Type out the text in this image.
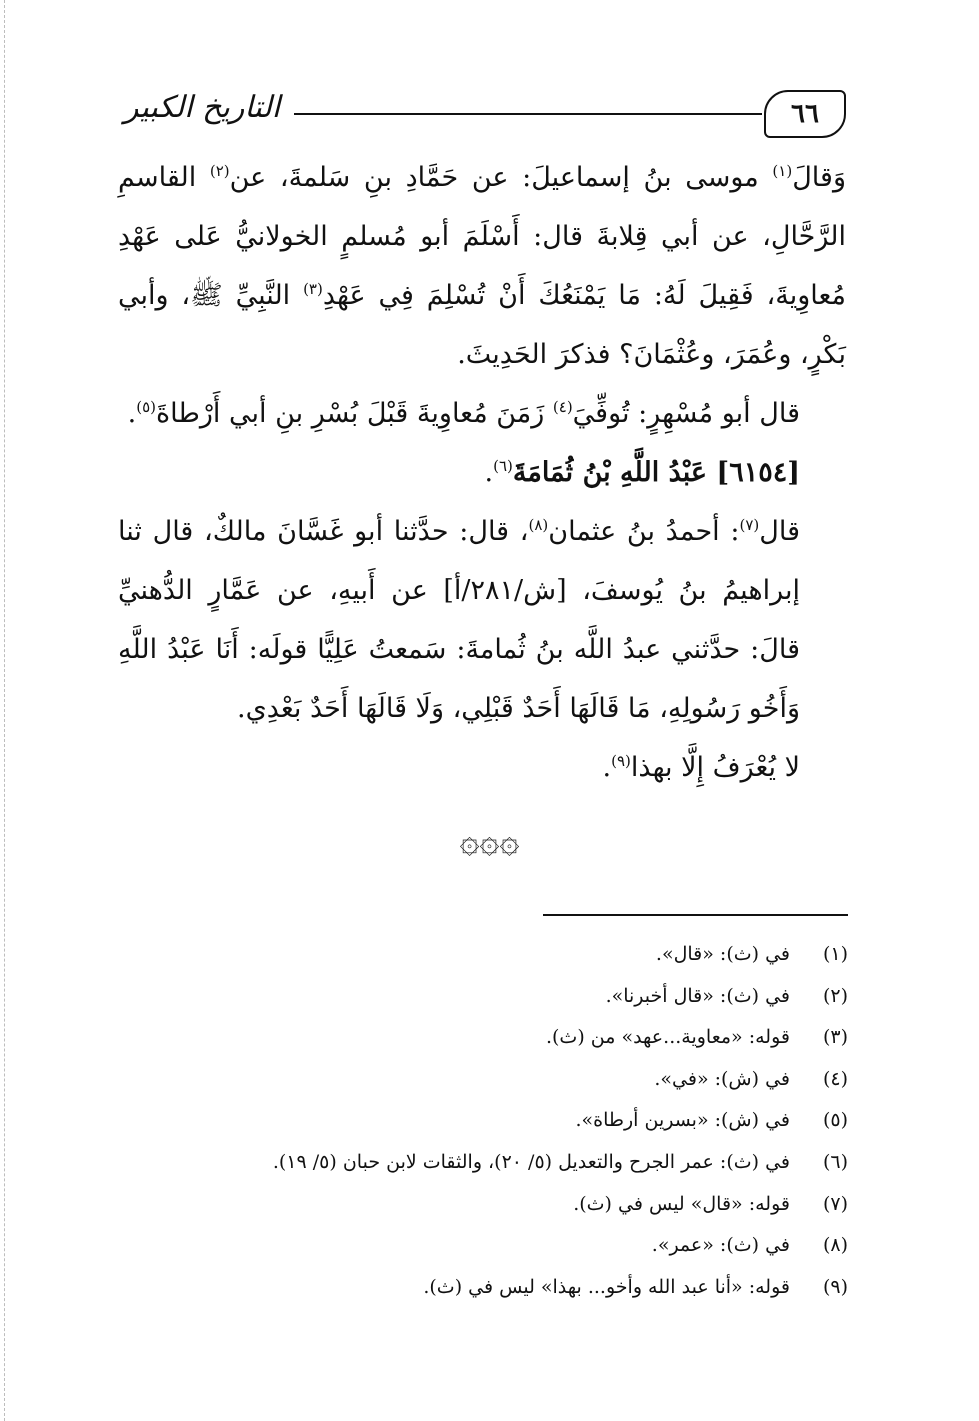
٦٦
التاريخ الكبير

وَقالَ$^{(١)}$ موسى بنُ إسماعيلَ: عن حَمَّادِ بنِ سَلمةَ، عن$^{(٢)}$ القاسمِ الرَّحَّالِ، عن أبي قِلابةَ قال: أَسْلَمَ أبو مُسلمٍ الخولانيُّ عَلى عَهْدِ مُعاوِيةَ، فَقِيلَ لَهُ: مَا يَمْنَعُكَ أَنْ تُسْلِمَ فِي عَهْدِ$^{(٣)}$ النَّبِيِّ ﷺ، وأبي بَكْرٍ، وعُمَرَ، وعُثْمَانَ؟ فذكرَ الحَدِيثَ.

قال أبو مُسْهِرٍ: تُوفِّيَ$^{(٤)}$ زَمَنَ مُعاوِيةَ قَبْلَ بُسْرِ بنِ أبي أَرْطاةَ$^{(٥)}$.

[٦١٥٤] عَبْدُ اللَّهِ بْنُ ثُمَامَةَ$^{(٦)}$.

قال$^{(٧)}$: أحمدُ بنُ عثمان$^{(٨)}$، قال: حدَّثنا أبو غَسَّانَ مالكٌ، قال ثنا إبراهيمُ بنُ يُوسفَ، [ش/٢٨١/أ] عن أَبيهِ، عن عَمَّارٍ الدُّهنيِّ قالَ: حدَّثني عبدُ اللَّه بنُ ثُمامةَ: سَمعتُ عَلِيًّا قولَه: أَنَا عَبْدُ اللَّهِ وَأَخُو رَسُولِهِ، مَا قَالَهَا أَحَدٌ قَبْلِي، وَلَا قَالَهَا أَحَدٌ بَعْدِي.

لا يُعْرَفُ إِلَّا بهذا$^{(٩)}$.

۞۞۞

(١)
في (ث): «قال».

(٢)
في (ث): «قال أخبرنا».

(٣)
قوله: «معاوية...عهد» من (ث).

(٤)
في (ش): «في».

(٥)
في (ش): «بسرين أرطاة».

(٦)
في (ث): عمر الجرح والتعديل (٥/ ٢٠)، والثقات لابن حبان (٥/ ١٩).

(٧)
قوله: «قال» ليس في (ث).

(٨)
في (ث): «عمر».

(٩)
قوله: «أنا عبد الله وأخو... بهذا» ليس في (ث).
